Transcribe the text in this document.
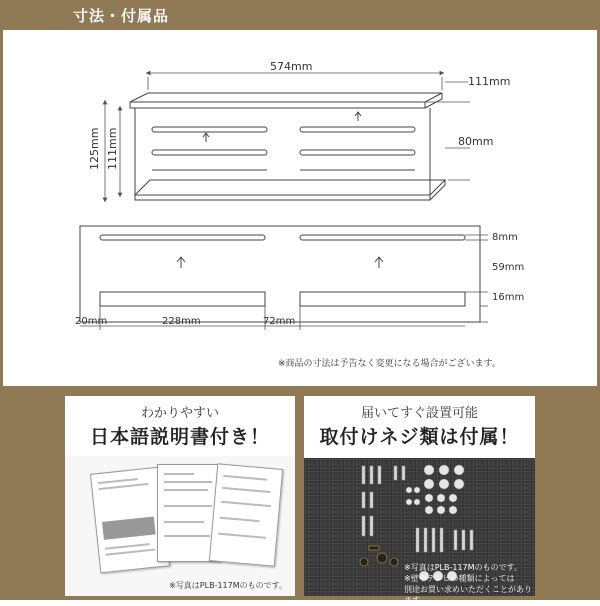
寸法・付属品
574mm
111mm
125mm 111mm	80mm
8mm
59mm
16mm
20mm	228mm	72mm
※商品の寸法は予告なく変更になる場合がございます。
わかりやすい
日本語説明書付き！
※写真はPLB-117Mのものです。
届いてすぐ設置可能
取付けネジ類は付属！
※写真はPLB-117Mのものです。
※壁やテレビの種類によっては
別途お買い求めいただくことがあります。
